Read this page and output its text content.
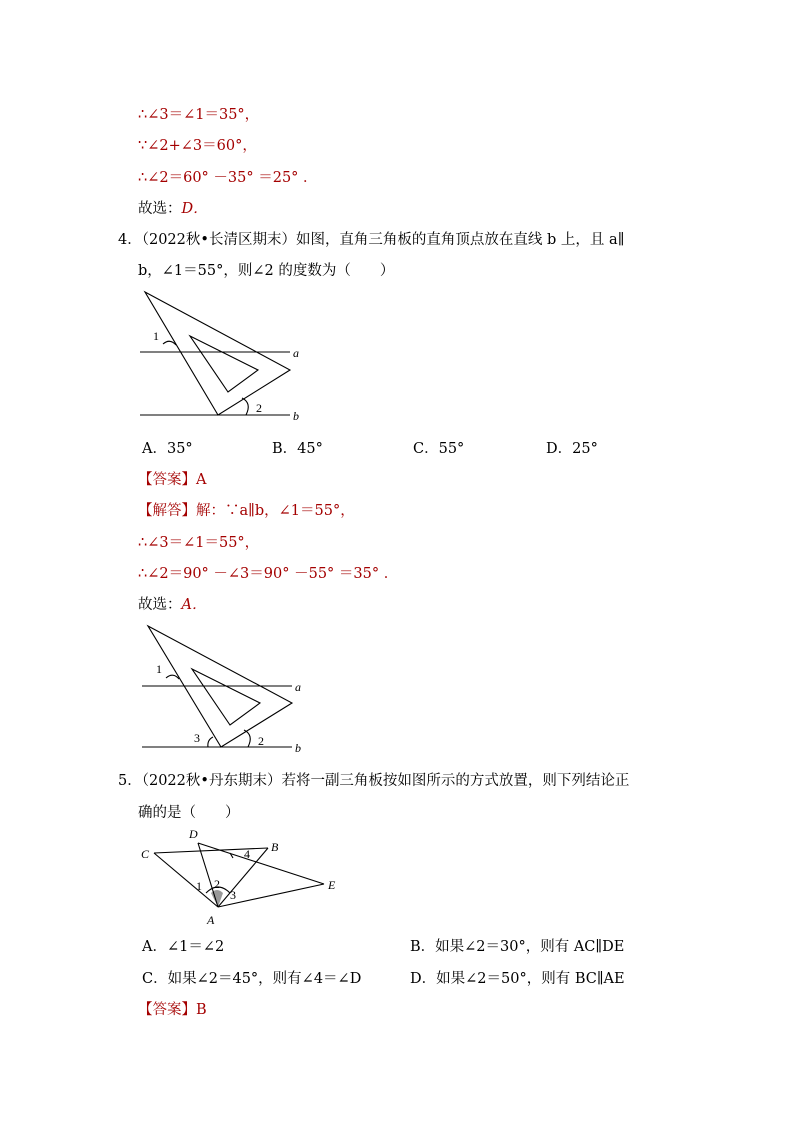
∴∠3＝∠1＝35°，
∵∠2+∠3＝60°，
∴∠2＝60° －35° ＝25° ．
故选：D．
4．（2022秋•长清区期末）如图，直角三角板的直角顶点放在直线 b 上，且 a∥
b，∠1＝55°，则∠2 的度数为（　　）
1
2
a
b
A．35°	B．45°	C．55°	D．25°
【答案】A
【解答】解：∵a∥b，∠1＝55°，
∴∠3＝∠1＝55°，
∴∠2＝90° －∠3＝90° －55° ＝35° ．
故选：A．
1
2
3
a
b
5．（2022秋•丹东期末）若将一副三角板按如图所示的方式放置，则下列结论正
确的是（　　）
C
D
B
E
A
1 2
3
4
A．∠1＝∠2	B．如果∠2＝30°，则有 AC∥DE
C．如果∠2＝45°，则有∠4＝∠D	D．如果∠2＝50°，则有 BC∥AE
【答案】B
